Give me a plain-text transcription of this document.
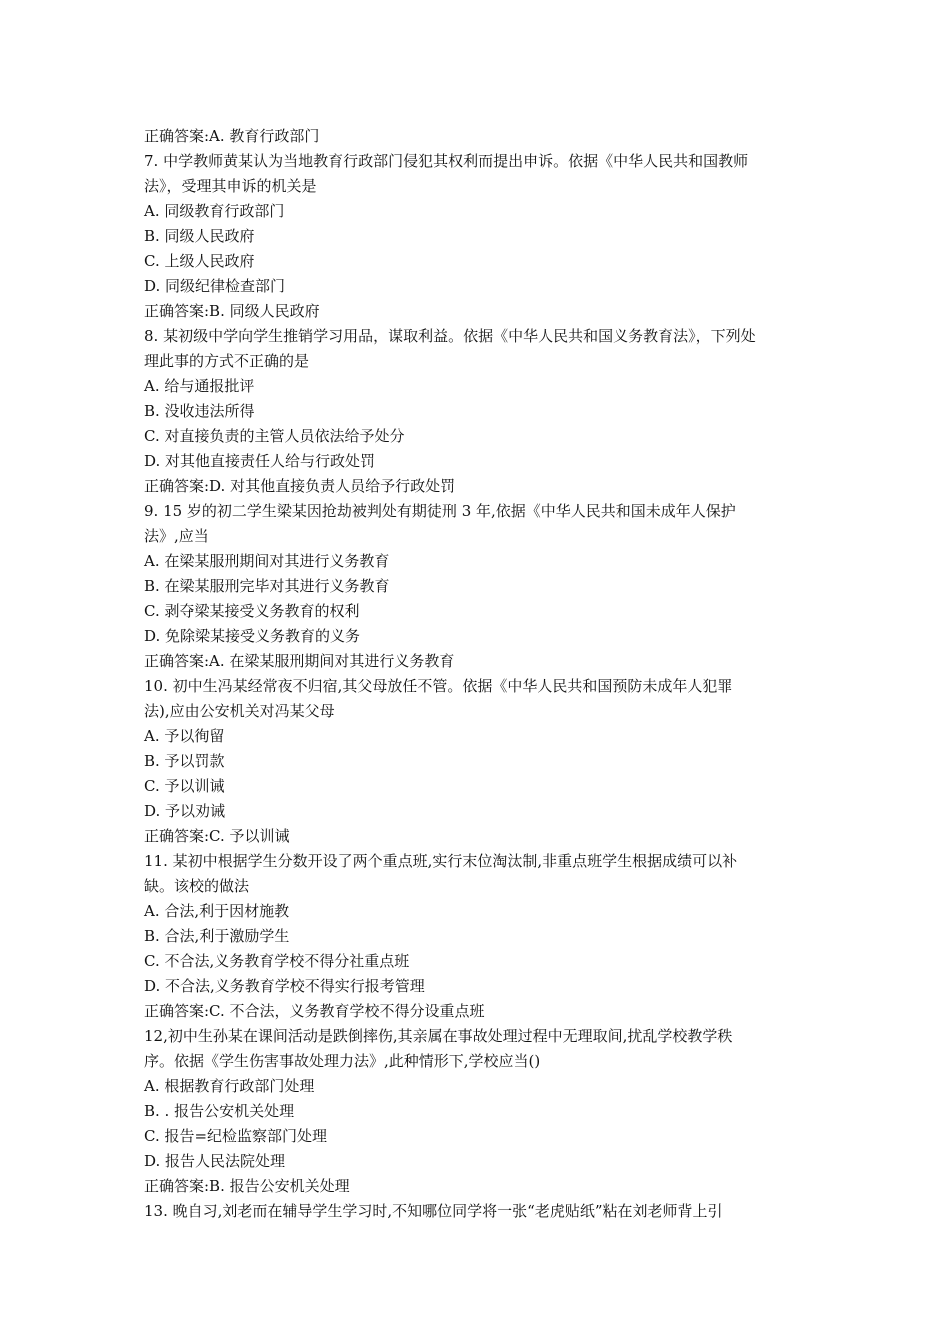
正确答案:A. 教育行政部门
7. 中学教师黄某认为当地教育行政部门侵犯其权利而提出申诉。依据《中华人民共和国教师
法》，受理其申诉的机关是
A. 同级教育行政部门
B. 同级人民政府
C. 上级人民政府
D. 同级纪律检查部门
正确答案:B. 同级人民政府
8. 某初级中学向学生推销学习用品，谋取利益。依据《中华人民共和国义务教育法》，下列处
理此事的方式不正确的是
A. 给与通报批评
B. 没收违法所得
C. 对直接负责的主管人员依法给予处分
D. 对其他直接责任人给与行政处罚
正确答案:D. 对其他直接负责人员给予行政处罚
9. 15 岁的初二学生梁某因抢劫被判处有期徒刑 3 年,依据《中华人民共和国未成年人保护
法》,应当
A. 在梁某服刑期间对其进行义务教育
B. 在梁某服刑完毕对其进行义务教育
C. 剥夺梁某接受义务教育的权利
D. 免除梁某接受义务教育的义务
正确答案:A. 在梁某服刑期间对其进行义务教育
10. 初中生冯某经常夜不归宿,其父母放任不管。依据《中华人民共和国预防未成年人犯罪
法),应由公安机关对冯某父母
A. 予以徇留
B. 予以罚款
C. 予以训诫
D. 予以劝诫
正确答案:C. 予以训诫
11. 某初中根据学生分数开设了两个重点班,实行末位淘汰制,非重点班学生根据成绩可以补
缺。该校的做法
A. 合法,利于因材施教
B. 合法,利于激励学生
C. 不合法,义务教育学校不得分社重点班
D. 不合法,义务教育学校不得实行报考管理
正确答案:C. 不合法，义务教育学校不得分设重点班
12,初中生孙某在课间活动是跌倒摔伤,其亲属在事故处理过程中无理取间,扰乱学校教学秩
序。依据《学生伤害事故处理力法》,此种情形下,学校应当()
A. 根据教育行政部门处理
B. . 报告公安机关处理
C. 报告=纪检监察部门处理
D. 报告人民法院处理
正确答案:B. 报告公安机关处理
13. 晚自习,刘老而在辅导学生学习时,不知哪位同学将一张“老虎贴纸”粘在刘老师背上引
